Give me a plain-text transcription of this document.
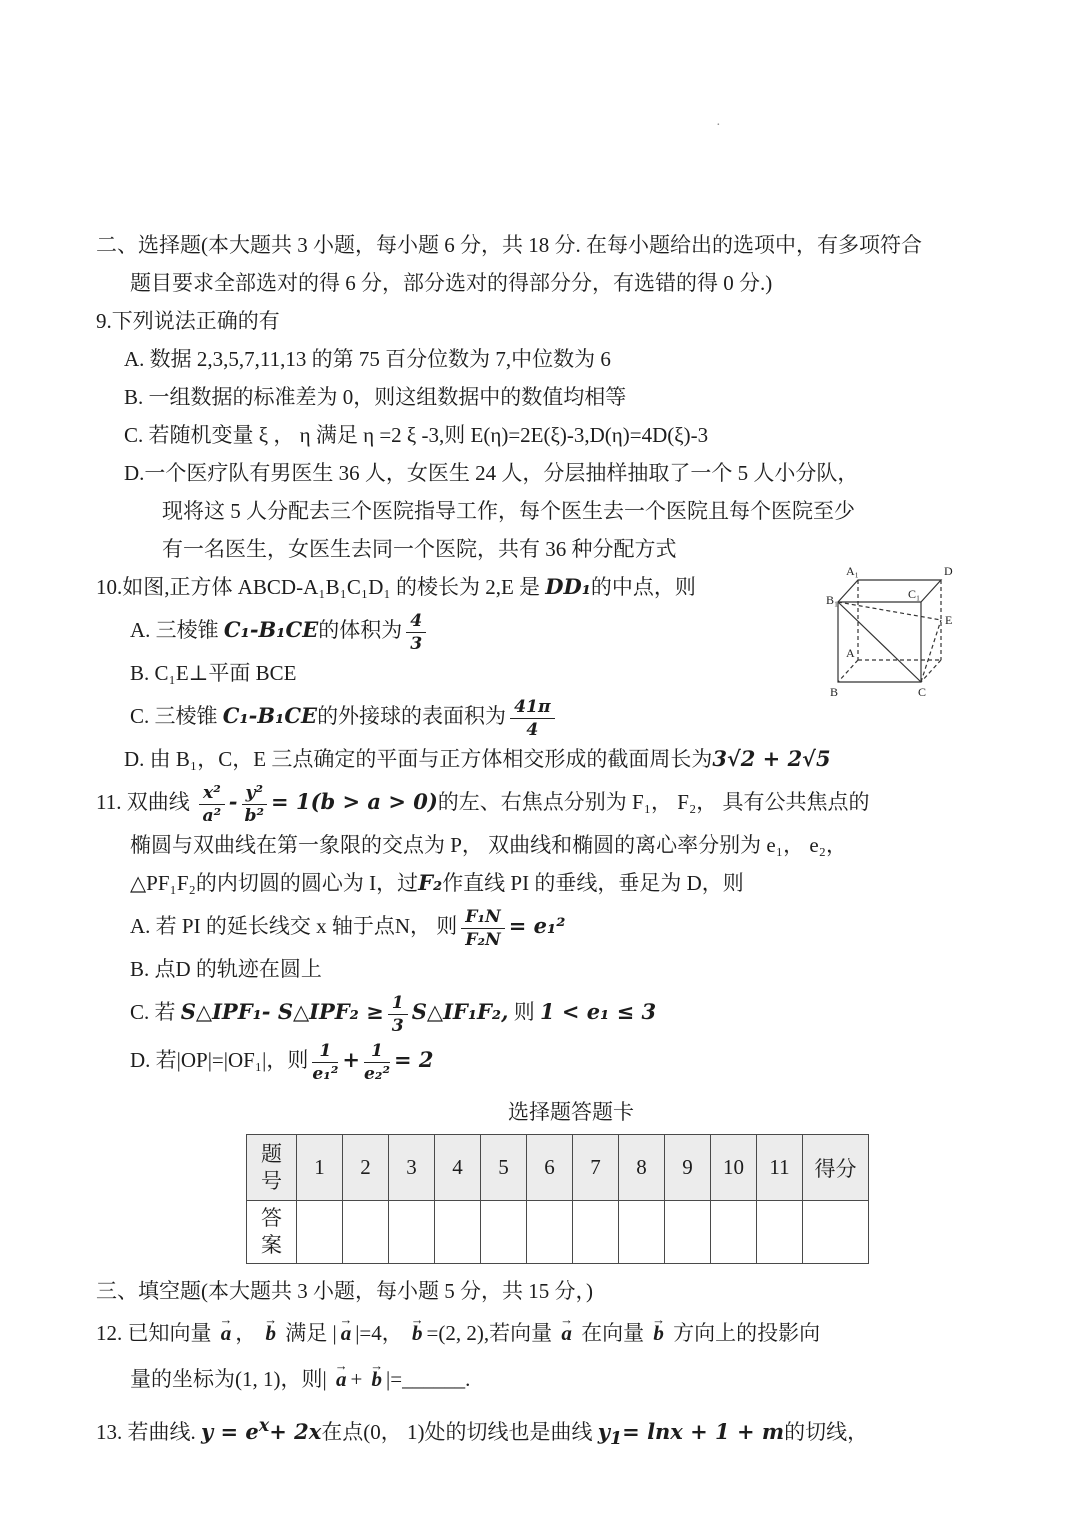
·
A₁	D
B₁	C₁
A
B	C
E
二、选择题(本大题共 3 小题，每小题 6 分，共 18 分. 在每小题给出的选项中，有多项符合
题目要求全部选对的得 6 分，部分选对的得部分分，有选错的得 0 分.)
9.下列说法正确的有
A. 数据 2,3,5,7,11,13 的第 75 百分位数为 7,中位数为 6
B. 一组数据的标准差为 0，则这组数据中的数值均相等
C. 若随机变量 ξ ， η 满足 η =2 ξ -3,则 E(η)=2E(ξ)-3,D(η)=4D(ξ)-3
D.一个医疗队有男医生 36 人，女医生 24 人，分层抽样抽取了一个 5 人小分队，
现将这 5 人分配去三个医院指导工作，每个医生去一个医院且每个医院至少
有一名医生，女医生去同一个医院，共有 36 种分配方式
10.如图,正方体 ABCD-A₁B₁C₁D₁ 的棱长为 2,E 是 DD₁的中点，则
A. 三棱锥 C₁-B₁CE的体积为 $\frac{4}{3}$
B. C₁E⊥平面 BCE
C. 三棱锥 C₁-B₁CE的外接球的表面积为 $\frac{41\pi}{4}$
D. 由 B₁，C，E 三点确定的平面与正方体相交形成的截面周长为3√2 + 2√5
11. 双曲线 $\frac{\text{x²}}{\text{a²}} - \frac{\text{y²}}{\text{b²}} = 1(b > a > 0)$的左、右焦点分别为 F₁， F₂， 具有公共焦点的
椭圆与双曲线在第一象限的交点为 P， 双曲线和椭圆的离心率分别为 e₁， e₂，
△PF₁F₂的内切圆的圆心为 I，过F₂作直线 PI 的垂线，垂足为 D，则
A. 若 PI 的延长线交 x 轴于点N， 则 $\frac{\text{F₁N}}{\text{F₂N}} = e_1^2$
B. 点D 的轨迹在圆上
C. 若 S△IPF₁- S△IPF₂ ≥ $\frac{1}{3}$ S△IF₁F₂, 则 1 < e₁ ≤ 3
D. 若|OP|=|OF₁|，则 $\frac{1}{\text{e₁²}} + \frac{1}{\text{e₂²}} = 2$
选择题答题卡
题号	1	2	3	4	5	6	7	8	9	10	11	得分
答案												
三、填空题(本大题共 3 小题，每小题 5 分，共 15 分，)
12. 已知向量 → a ， → b 满足 | → a |=4， → b =(2, 2),若向量 → a 在向量 → b 方向上的投影向
量的坐标为(1, 1)，则| → a + → b |=______.
13. 若曲线. $y = e^x+ 2x$在点(0， 1)处的切线也是曲线 $y_1= \ln x + 1 + m$的切线，
